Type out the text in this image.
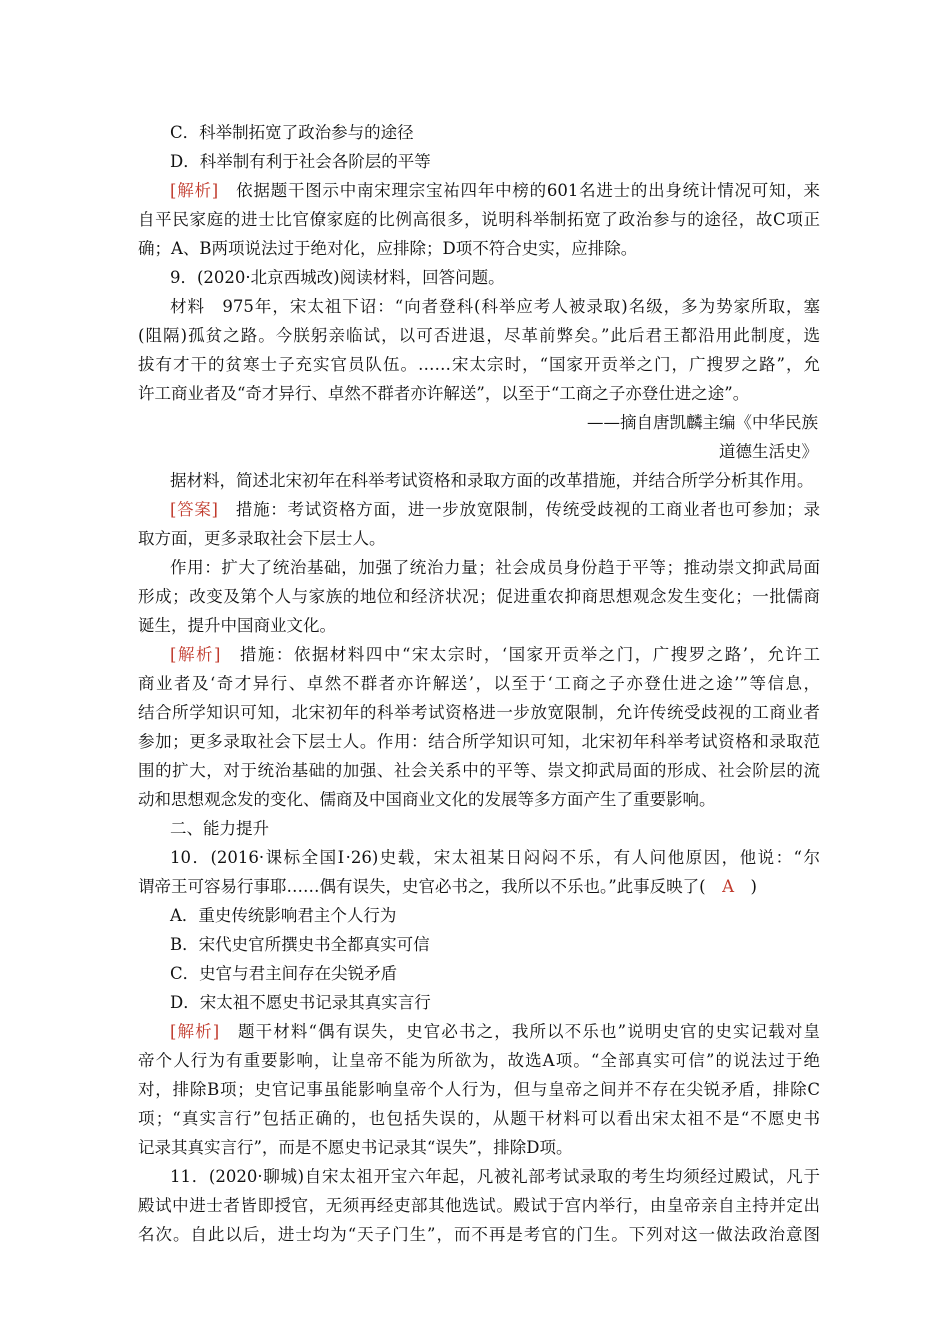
C．科举制拓宽了政治参与的途径
D．科举制有利于社会各阶层的平等
[解析]　依据题干图示中南宋理宗宝祐四年中榜的601名进士的出身统计情况可知，来
自平民家庭的进士比官僚家庭的比例高很多，说明科举制拓宽了政治参与的途径，故C项正
确；A、B两项说法过于绝对化，应排除；D项不符合史实，应排除。
9．(2020·北京西城改)阅读材料，回答问题。
材料　975年，宋太祖下诏：“向者登科(科举应考人被录取)名级，多为势家所取，塞
(阻隔)孤贫之路。今朕躬亲临试，以可否进退，尽革前弊矣。”此后君王都沿用此制度，选
拔有才干的贫寒士子充实官员队伍。……宋太宗时，“国家开贡举之门，广搜罗之路”，允
许工商业者及“奇才异行、卓然不群者亦许解送”，以至于“工商之子亦登仕进之途”。
——摘自唐凯麟主编《中华民族
道德生活史》
据材料，简述北宋初年在科举考试资格和录取方面的改革措施，并结合所学分析其作用。
[答案]　措施：考试资格方面，进一步放宽限制，传统受歧视的工商业者也可参加；录
取方面，更多录取社会下层士人。
作用：扩大了统治基础，加强了统治力量；社会成员身份趋于平等；推动崇文抑武局面
形成；改变及第个人与家族的地位和经济状况；促进重农抑商思想观念发生变化；一批儒商
诞生，提升中国商业文化。
[解析]　措施：依据材料四中“宋太宗时，‘国家开贡举之门，广搜罗之路’，允许工
商业者及‘奇才异行、卓然不群者亦许解送’，以至于‘工商之子亦登仕进之途’”等信息，
结合所学知识可知，北宋初年的科举考试资格进一步放宽限制，允许传统受歧视的工商业者
参加；更多录取社会下层士人。作用：结合所学知识可知，北宋初年科举考试资格和录取范
围的扩大，对于统治基础的加强、社会关系中的平等、崇文抑武局面的形成、社会阶层的流
动和思想观念发的变化、儒商及中国商业文化的发展等多方面产生了重要影响。
二、能力提升
10．(2016·课标全国Ⅰ·26)史载，宋太祖某日闷闷不乐，有人问他原因，他说：“尔
谓帝王可容易行事耶……偶有误失，史官必书之，我所以不乐也。”此事反映了(　A　)
A．重史传统影响君主个人行为
B．宋代史官所撰史书全都真实可信
C．史官与君主间存在尖锐矛盾
D．宋太祖不愿史书记录其真实言行
[解析]　题干材料“偶有误失，史官必书之，我所以不乐也”说明史官的史实记载对皇
帝个人行为有重要影响，让皇帝不能为所欲为，故选A项。“全部真实可信”的说法过于绝
对，排除B项；史官记事虽能影响皇帝个人行为，但与皇帝之间并不存在尖锐矛盾，排除C
项；“真实言行”包括正确的，也包括失误的，从题干材料可以看出宋太祖不是“不愿史书
记录其真实言行”，而是不愿史书记录其“误失”，排除D项。
11．(2020·聊城)自宋太祖开宝六年起，凡被礼部考试录取的考生均须经过殿试，凡于
殿试中进士者皆即授官，无须再经吏部其他选试。殿试于宫内举行，由皇帝亲自主持并定出
名次。自此以后，进士均为“天子门生”，而不再是考官的门生。下列对这一做法政治意图
